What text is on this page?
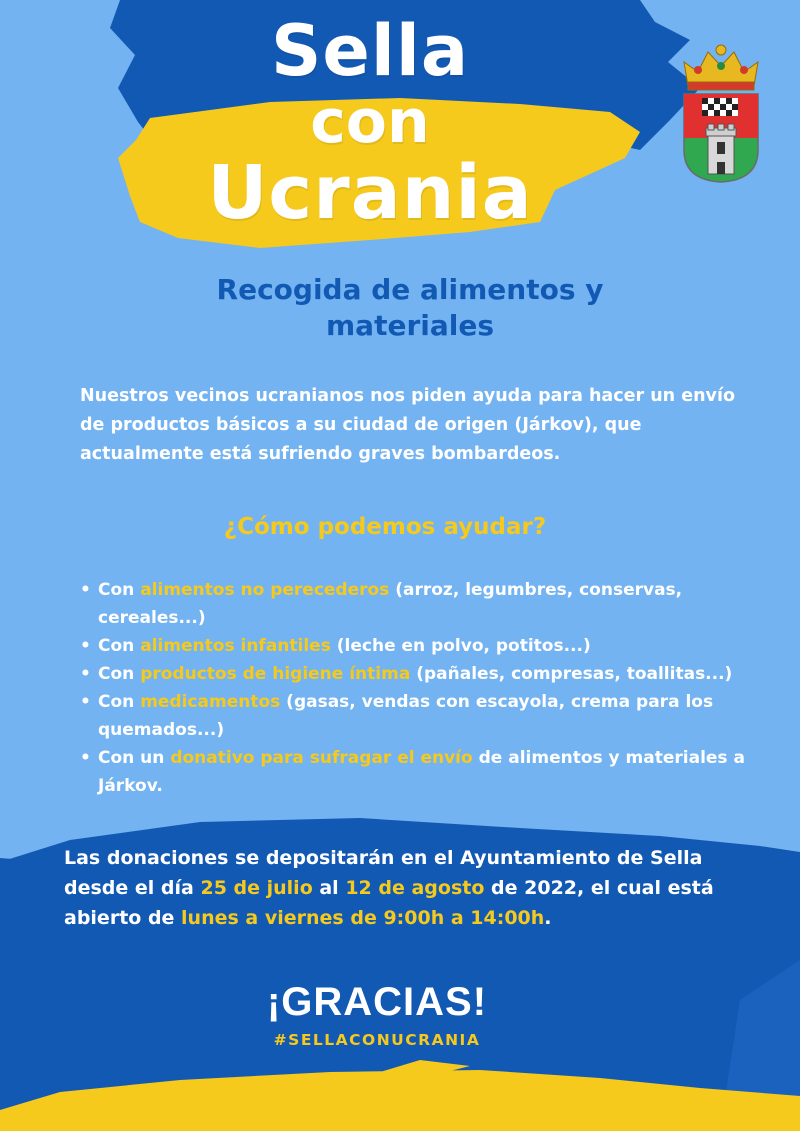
Sella
con
Ucrania
Recogida de alimentos y
materiales
Nuestros vecinos ucranianos nos piden ayuda para hacer un envío de productos básicos a su ciudad de origen (Járkov), que actualmente está sufriendo graves bombardeos.
¿Cómo podemos ayudar?
• Con alimentos no perecederos (arroz, legumbres, conservas, cereales...)
• Con alimentos infantiles (leche en polvo, potitos...)
• Con productos de higiene íntima (pañales, compresas, toallitas...)
• Con medicamentos (gasas, vendas con escayola, crema para los quemados...)
• Con un donativo para sufragar el envío de alimentos y materiales a Járkov.
Las donaciones se depositarán en el Ayuntamiento de Sella desde el día 25 de julio al 12 de agosto de 2022, el cual está abierto de lunes a viernes de 9:00h a 14:00h.
¡GRACIAS!
#SELLACONUCRANIA
